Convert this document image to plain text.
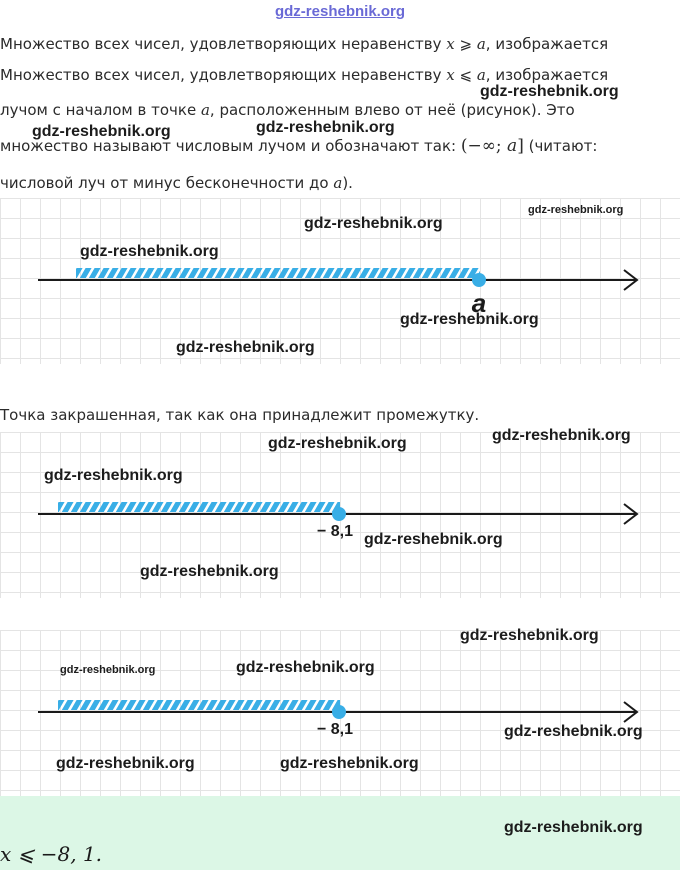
gdz-reshebnik.org
Множество всех чисел, удовлетворяющих неравенству x ⩾ a, изображается
Множество всех чисел, удовлетворяющих неравенству x ⩽ a, изображается
лучом с началом в точке a, расположенным влево от неё (рисунок). Это
множество называют числовым лучом и обозначают так: (−∞; a] (читают:
числовой луч от минус бесконечности до a).
a
Точка закрашенная, так как она принадлежит промежутку.
− 8,1
− 8,1
x ⩽ −8, 1.
gdz-reshebnik.org
gdz-reshebnik.org	gdz-reshebnik.org
gdz-reshebnik.org
gdz-reshebnik.org
gdz-reshebnik.org
gdz-reshebnik.org
gdz-reshebnik.org
gdz-reshebnik.org
gdz-reshebnik.org
gdz-reshebnik.org
gdz-reshebnik.org
gdz-reshebnik.org
gdz-reshebnik.org
gdz-reshebnik.org
gdz-reshebnik.org
gdz-reshebnik.org
gdz-reshebnik.org	gdz-reshebnik.org
gdz-reshebnik.org
